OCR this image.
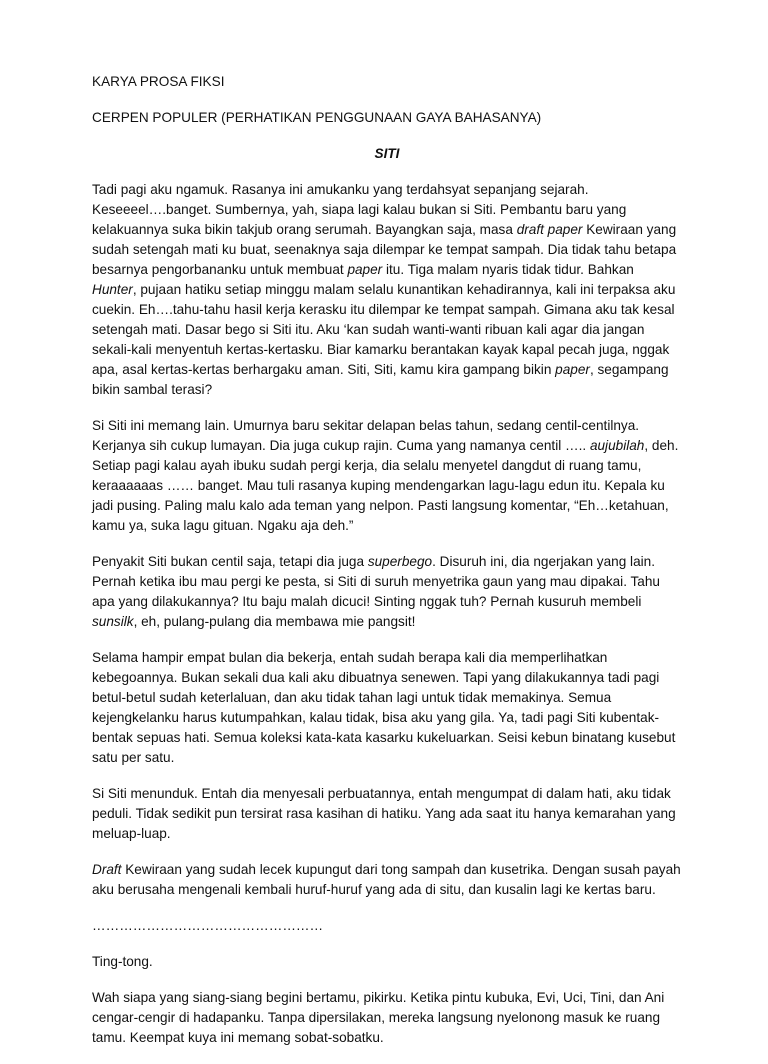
KARYA PROSA FIKSI
CERPEN POPULER (PERHATIKAN PENGGUNAAN GAYA BAHASANYA)
SITI

Tadi pagi aku ngamuk. Rasanya ini amukanku yang terdahsyat sepanjang sejarah. Keseeeel….banget. Sumbernya, yah, siapa lagi kalau bukan si Siti. Pembantu baru yang kelakuannya suka bikin takjub orang serumah. Bayangkan saja, masa draft paper Kewiraan yang sudah setengah mati ku buat, seenaknya saja dilempar ke tempat sampah. Dia tidak tahu betapa besarnya pengorbananku untuk membuat paper itu. Tiga malam nyaris tidak tidur. Bahkan Hunter, pujaan hatiku setiap minggu malam selalu kunantikan kehadirannya, kali ini terpaksa aku cuekin. Eh….tahu-tahu hasil kerja kerasku itu dilempar ke tempat sampah. Gimana aku tak kesal setengah mati. Dasar bego si Siti itu. Aku ‘kan sudah wanti-wanti ribuan kali agar dia jangan sekali-kali menyentuh kertas-kertasku. Biar kamarku berantakan kayak kapal pecah juga, nggak apa, asal kertas-kertas berhargaku aman. Siti, Siti, kamu kira gampang bikin paper, segampang bikin sambal terasi?

Si Siti ini memang lain. Umurnya baru sekitar delapan belas tahun, sedang centil-centilnya. Kerjanya sih cukup lumayan. Dia juga cukup rajin. Cuma yang namanya centil ….. aujubilah, deh. Setiap pagi kalau ayah ibuku sudah pergi kerja, dia selalu menyetel dangdut di ruang tamu, keraaaaaas …… banget. Mau tuli rasanya kuping mendengarkan lagu-lagu edun itu. Kepala ku jadi pusing. Paling malu kalo ada teman yang nelpon. Pasti langsung komentar, “Eh…ketahuan, kamu ya, suka lagu gituan. Ngaku aja deh.”

Penyakit Siti bukan centil saja, tetapi dia juga superbego. Disuruh ini, dia ngerjakan yang lain. Pernah ketika ibu mau pergi ke pesta, si Siti di suruh menyetrika gaun yang mau dipakai. Tahu apa yang dilakukannya? Itu baju malah dicuci! Sinting nggak tuh? Pernah kusuruh membeli sunsilk, eh, pulang-pulang dia membawa mie pangsit!

Selama hampir empat bulan dia bekerja, entah sudah berapa kali dia memperlihatkan kebegoannya. Bukan sekali dua kali aku dibuatnya senewen. Tapi yang dilakukannya tadi pagi betul-betul sudah keterlaluan, dan aku tidak tahan lagi untuk tidak memakinya. Semua kejengkelanku harus kutumpahkan, kalau tidak, bisa aku yang gila. Ya, tadi pagi Siti kubentak-bentak sepuas hati. Semua koleksi kata-kata kasarku kukeluarkan. Seisi kebun binatang kusebut satu per satu.

Si Siti menunduk. Entah dia menyesali perbuatannya, entah mengumpat di dalam hati, aku tidak peduli. Tidak sedikit pun tersirat rasa kasihan di hatiku. Yang ada saat itu hanya kemarahan yang meluap-luap.

Draft Kewiraan yang sudah lecek kupungut dari tong sampah dan kusetrika. Dengan susah payah aku berusaha mengenali kembali huruf-huruf yang ada di situ, dan kusalin lagi ke kertas baru.

……………………………………………

Ting-tong.

Wah siapa yang siang-siang begini bertamu, pikirku. Ketika pintu kubuka, Evi, Uci, Tini, dan Ani cengar-cengir di hadapanku. Tanpa dipersilakan, mereka langsung nyelonong masuk ke ruang tamu. Keempat kuya ini memang sobat-sobatku.
